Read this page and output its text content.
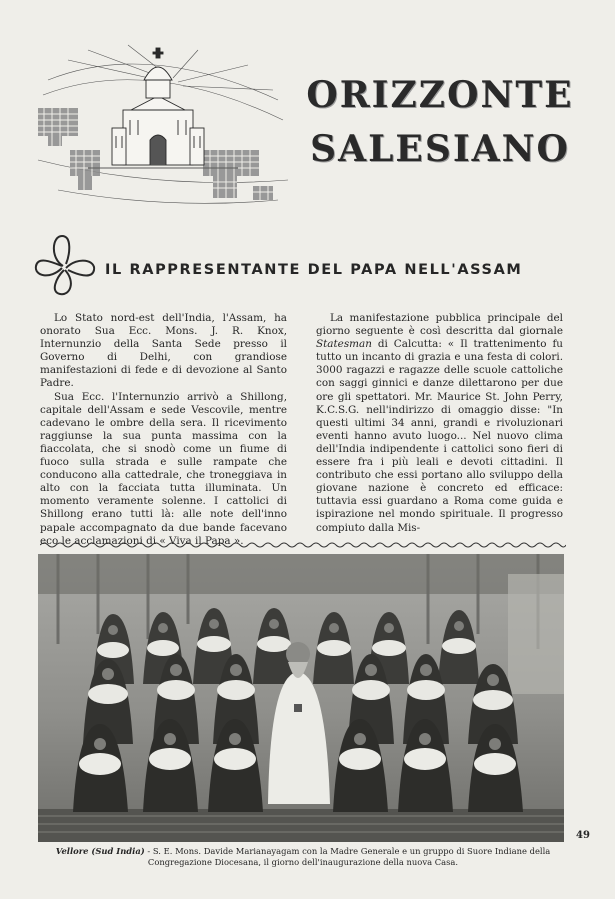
ORIZZONTE
SALESIANO
IL RAPPRESENTANTE DEL PAPA NELL'ASSAM

Lo Stato nord-est dell'India, l'Assam, ha onorato Sua Ecc. Mons. J. R. Knox, Internunzio della Santa Sede presso il Governo di Delhi, con grandiose manifestazioni di fede e di devozione al Santo Padre.

Sua Ecc. l'Internunzio arrivò a Shillong, capitale dell'Assam e sede Vescovile, mentre cadevano le ombre della sera. Il ricevimento raggiunse la sua punta massima con la fiaccolata, che si snodò come un fiume di fuoco sulla strada e sulle rampate che conducono alla cattedrale, che troneggiava in alto con la facciata tutta illuminata. Un momento veramente solenne. I cattolici di Shillong erano tutti là: alle note dell'inno papale accompagnato da due bande facevano eco le acclamazioni di « Viva il Papa ».

La manifestazione pubblica principale del giorno seguente è così descritta dal giornale Statesman di Calcutta: « Il trattenimento fu tutto un incanto di grazia e una festa di colori. 3000 ragazzi e ragazze delle scuole cattoliche con saggi ginnici e danze dilettarono per due ore gli spettatori. Mr. Maurice St. John Perry, K.C.S.G. nell'indirizzo di omaggio disse: "In questi ultimi 34 anni, grandi e rivoluzionari eventi hanno avuto luogo... Nel nuovo clima dell'India indipendente i cattolici sono fieri di essere fra i più leali e devoti cittadini. Il contributo che essi portano allo sviluppo della giovane nazione è concreto ed efficace: tuttavia essi guardano a Roma come guida e ispirazione nel mondo spirituale. Il progresso compiuto dalla Mis-

Vellore (Sud India) - S. E. Mons. Davide Marianayagam con la Madre Generale e un gruppo di Suore Indiane della Congregazione Diocesana, il giorno dell'inaugurazione della nuova Casa.
49
